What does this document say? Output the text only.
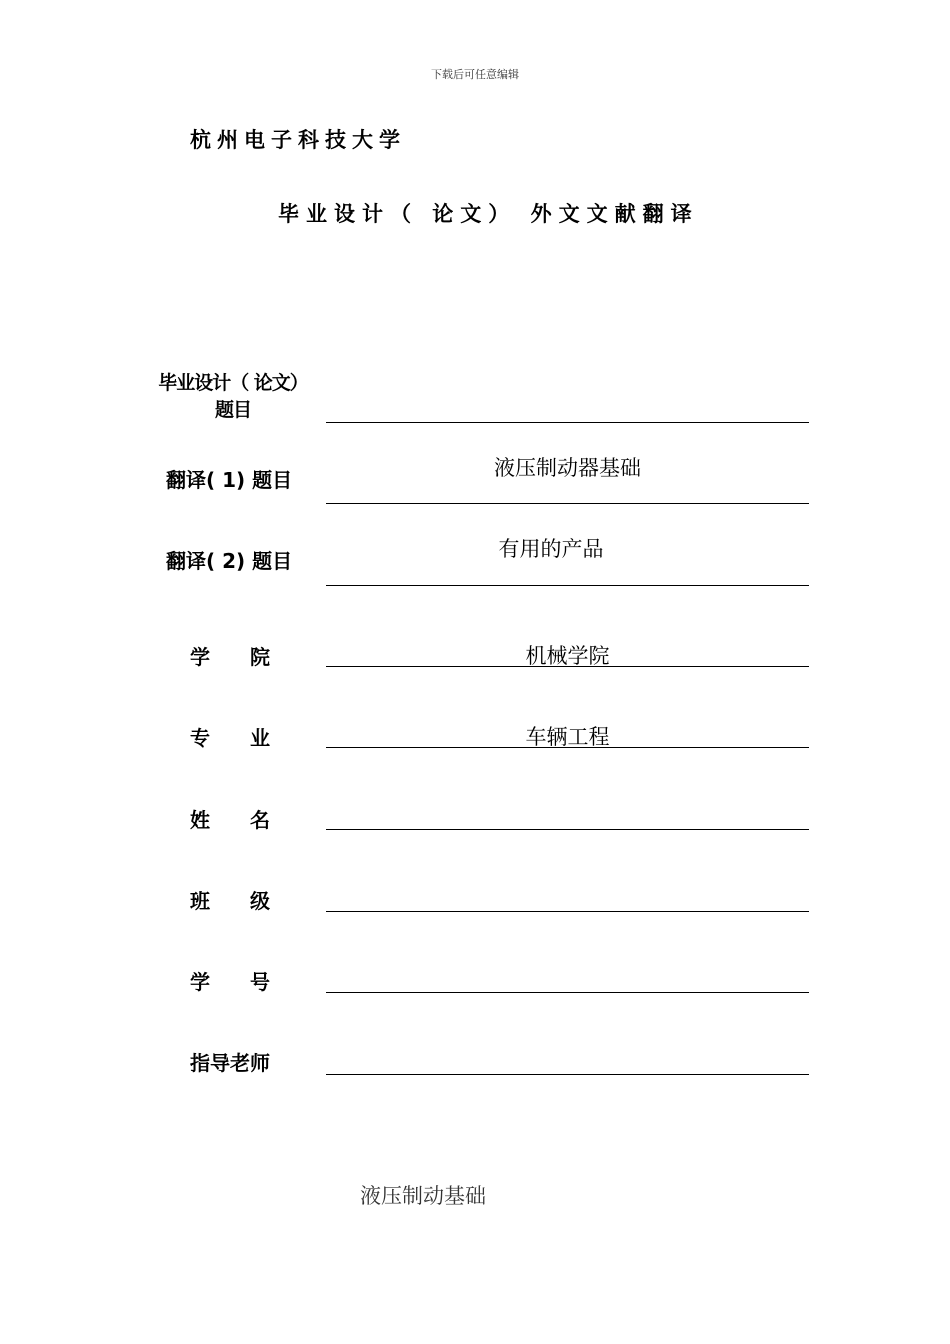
下载后可任意编辑
杭州电子科技大学
毕业设计（ 论文） 外文文献翻译
毕业设计（ 论文）
题目
翻译( 1) 题目	液压制动器基础
翻译( 2) 题目	有用的产品
学　　院	机械学院
专　　业	车辆工程
姓　　名
班　　级
学　　号
指导老师
液压制动基础
